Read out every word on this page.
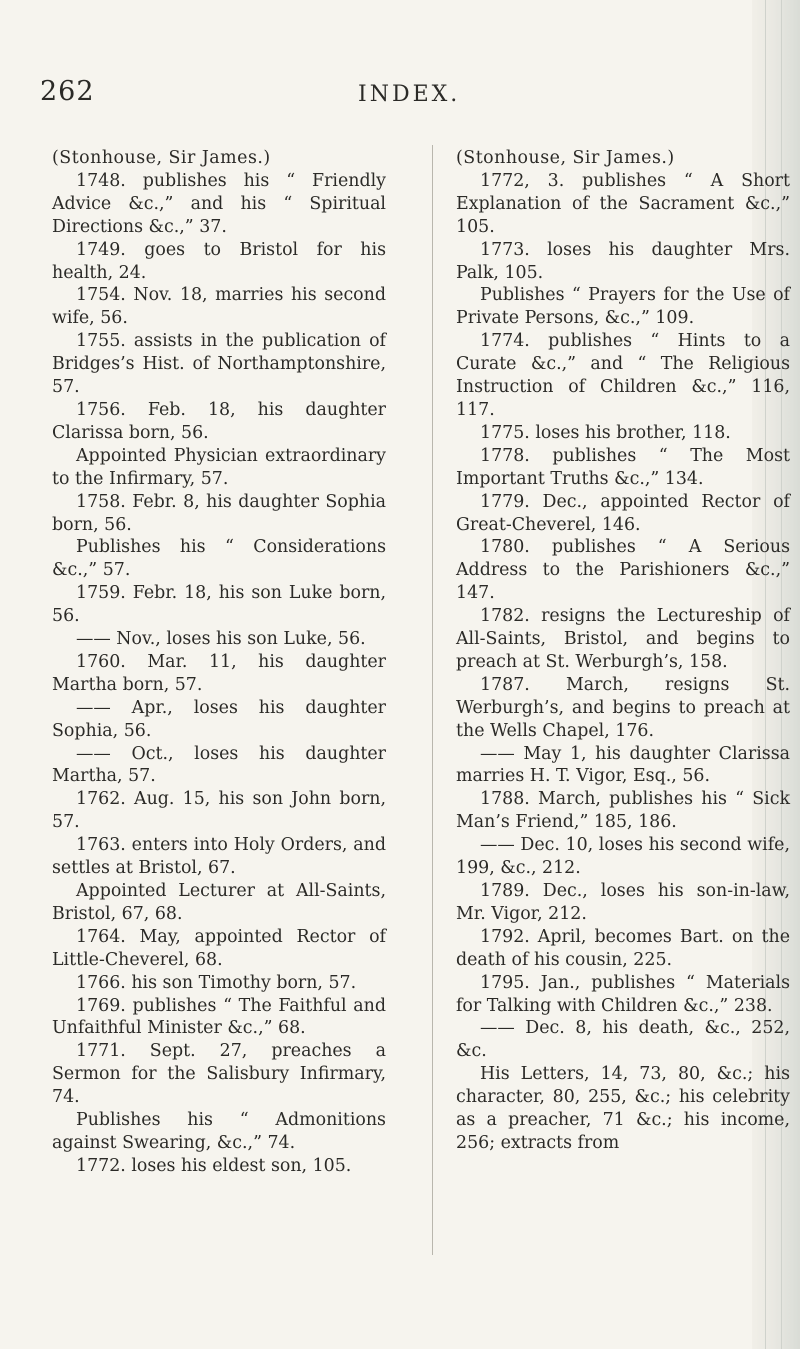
262	INDEX.

(Stonhouse, Sir James.)

1748. publishes his “ Friendly Advice &c.,” and his “ Spiritual Directions &c.,” 37.

1749. goes to Bristol for his health, 24.

1754. Nov. 18, marries his second wife, 56.

1755. assists in the publication of Bridges’s Hist. of Northamptonshire, 57.

1756. Feb. 18, his daughter Clarissa born, 56.

Appointed Physician extraordinary to the Infirmary, 57.

1758. Febr. 8, his daughter Sophia born, 56.

Publishes his “ Considerations &c.,” 57.

1759. Febr. 18, his son Luke born, 56.

—— Nov., loses his son Luke, 56.

1760. Mar. 11, his daughter Martha born, 57.

—— Apr., loses his daughter Sophia, 56.

—— Oct., loses his daughter Martha, 57.

1762. Aug. 15, his son John born, 57.

1763. enters into Holy Orders, and settles at Bristol, 67.

Appointed Lecturer at All-Saints, Bristol, 67, 68.

1764. May, appointed Rector of Little-Cheverel, 68.

1766. his son Timothy born, 57.

1769. publishes “ The Faithful and Unfaithful Minister &c.,” 68.

1771. Sept. 27, preaches a Sermon for the Salisbury Infirmary, 74.

Publishes his “ Admonitions against Swearing, &c.,” 74.

1772. loses his eldest son, 105.

(Stonhouse, Sir James.)

1772, 3. publishes “ A Short Explanation of the Sacrament &c.,” 105.

1773. loses his daughter Mrs. Palk, 105.

Publishes “ Prayers for the Use of Private Persons, &c.,” 109.

1774. publishes “ Hints to a Curate &c.,” and “ The Religious Instruction of Children &c.,” 116, 117.

1775. loses his brother, 118.

1778. publishes “ The Most Important Truths &c.,” 134.

1779. Dec., appointed Rector of Great-Cheverel, 146.

1780. publishes “ A Serious Address to the Parishioners &c.,” 147.

1782. resigns the Lectureship of All-Saints, Bristol, and begins to preach at St. Werburgh’s, 158.

1787. March, resigns St. Werburgh’s, and begins to preach at the Wells Chapel, 176.

—— May 1, his daughter Clarissa marries H. T. Vigor, Esq., 56.

1788. March, publishes his “ Sick Man’s Friend,” 185, 186.

—— Dec. 10, loses his second wife, 199, &c., 212.

1789. Dec., loses his son-in-law, Mr. Vigor, 212.

1792. April, becomes Bart. on the death of his cousin, 225.

1795. Jan., publishes “ Materials for Talking with Children &c.,” 238.

—— Dec. 8, his death, &c., 252, &c.

His Letters, 14, 73, 80, &c.; his character, 80, 255, &c.; his celebrity as a preacher, 71 &c.; his income, 256; extracts from
